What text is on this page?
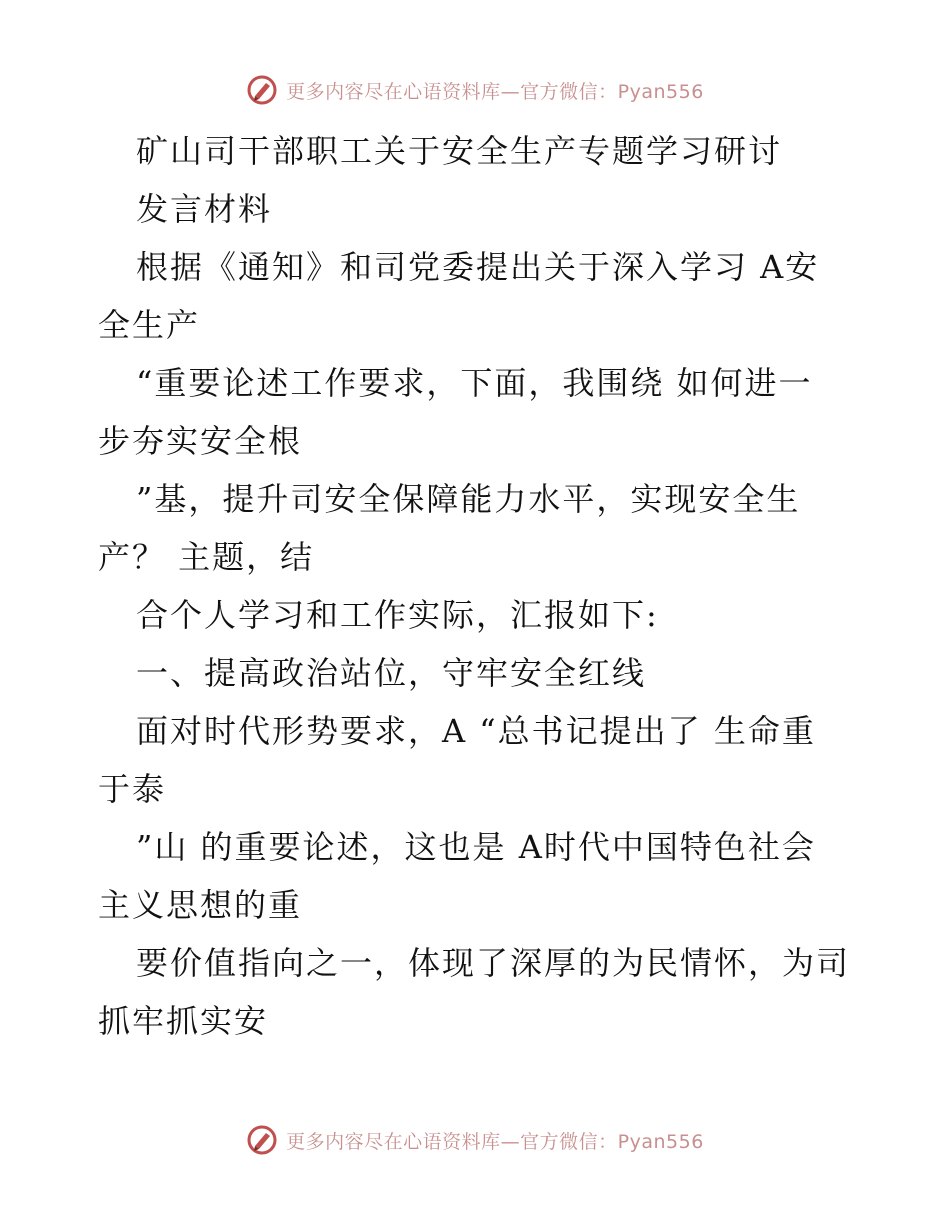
更多内容尽在心语资料库—官方微信：Pyan556
矿山司干部职工关于安全生产专题学习研讨
发言材料
根据《通知》和司党委提出关于深入学习 A安
全生产
“重要论述工作要求，下面，我围绕 如何进一
步夯实安全根
”基，提升司安全保障能力水平，实现安全生
产？ 主题，结
合个人学习和工作实际，汇报如下:
一、提高政治站位，守牢安全红线
面对时代形势要求，A “总书记提出了 生命重
于泰
”山 的重要论述，这也是 A时代中国特色社会
主义思想的重
要价值指向之一，体现了深厚的为民情怀，为司
抓牢抓实安
更多内容尽在心语资料库—官方微信：Pyan556
